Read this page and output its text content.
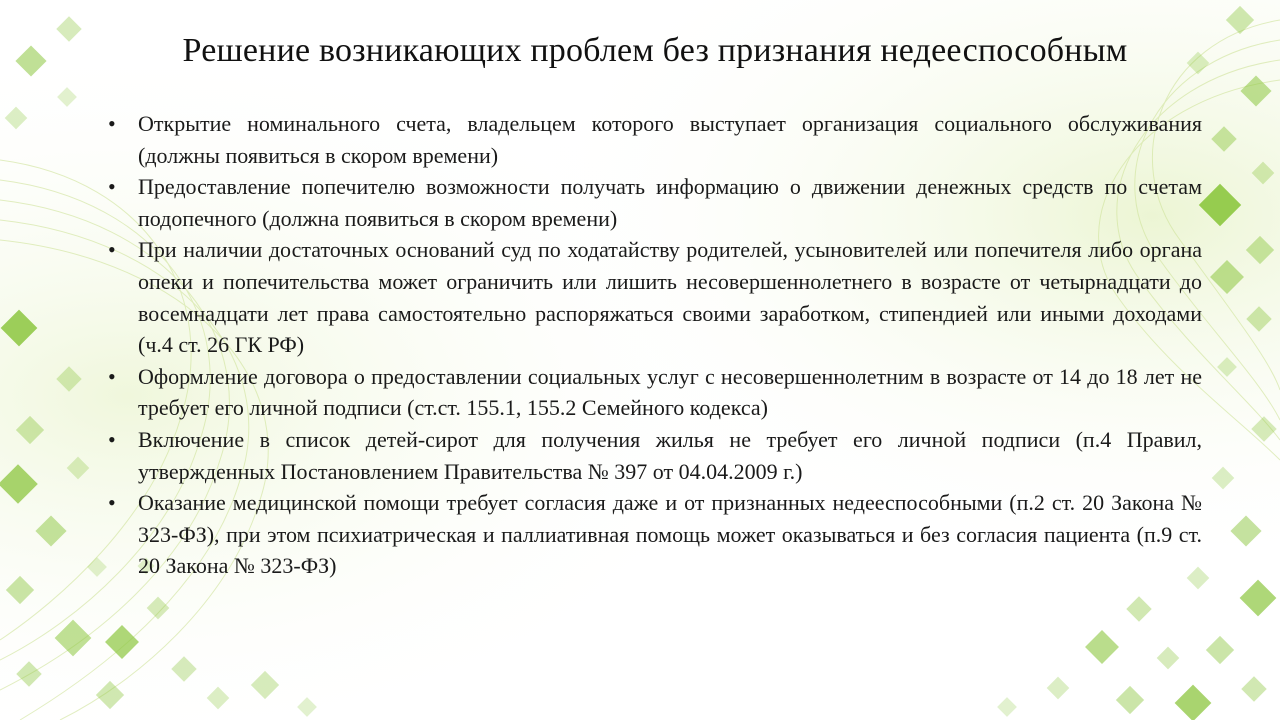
Решение возникающих проблем без признания недееспособным
•	Открытие номинального счета, владельцем которого выступает организация социального обслуживания (должны появиться в скором времени)
•	Предоставление попечителю возможности получать информацию о движении денежных средств по счетам подопечного (должна появиться в скором времени)
•	При наличии достаточных оснований суд по ходатайству родителей, усыновителей или попечителя либо органа опеки и попечительства может ограничить или лишить несовершеннолетнего в возрасте от четырнадцати до восемнадцати лет права самостоятельно распоряжаться своими заработком, стипендией или иными доходами (ч.4 ст. 26 ГК РФ)
•	Оформление договора о предоставлении социальных услуг с несовершеннолетним в возрасте от 14 до 18 лет не требует его личной подписи (ст.ст. 155.1, 155.2 Семейного кодекса)
•	Включение в список детей-сирот для получения жилья не требует его личной подписи (п.4 Правил, утвержденных Постановлением Правительства № 397 от 04.04.2009 г.)
•	Оказание медицинской помощи требует согласия даже и от признанных недееспособными (п.2 ст. 20 Закона № 323-ФЗ), при этом психиатрическая и паллиативная помощь может оказываться и без согласия пациента (п.9 ст. 20 Закона № 323-ФЗ)
